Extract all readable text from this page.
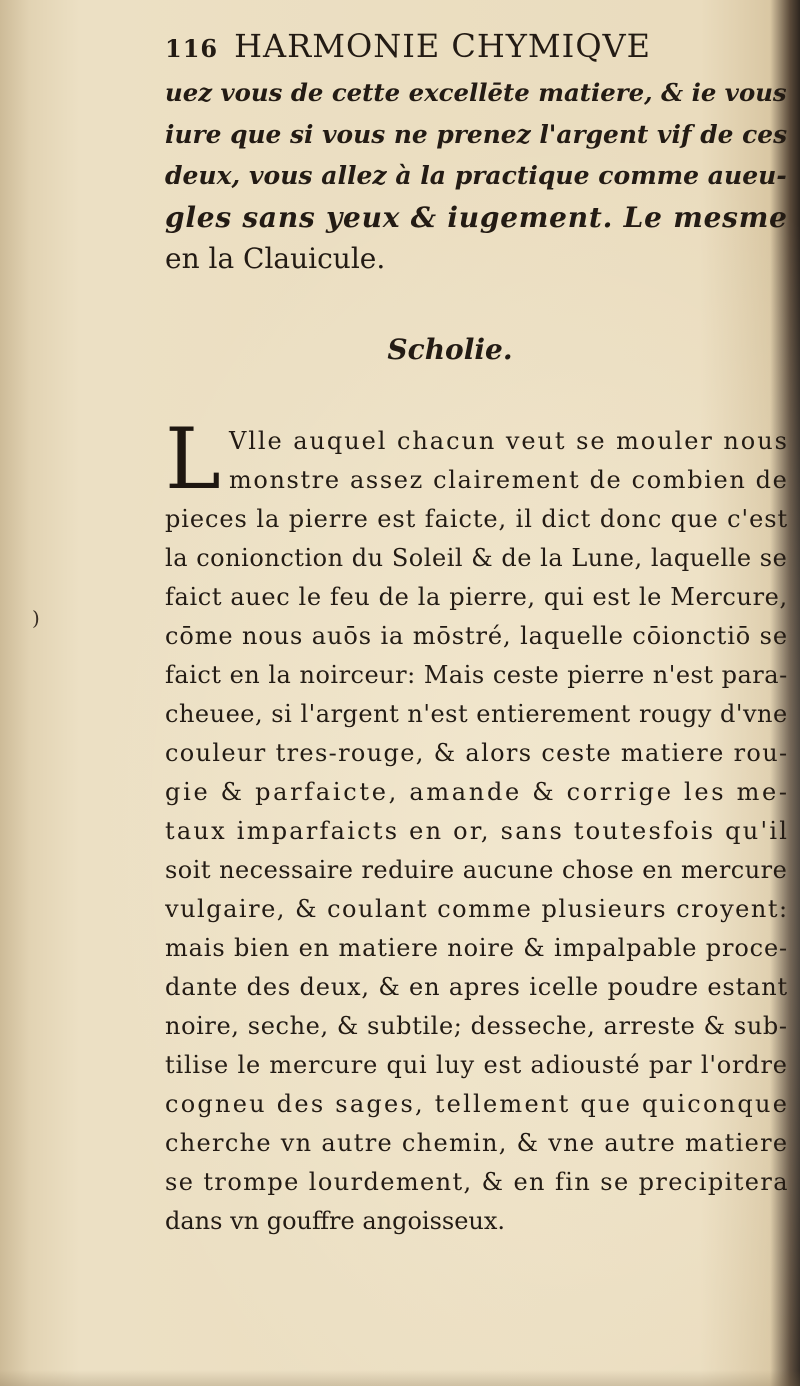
)
116 HARMONIE CHYMIQVE
uez vous de cette excellēte matiere, & ie vous
iure que si vous ne prenez l'argent vif de ces
deux, vous allez à la practique comme aueu-
gles sans yeux & iugement. Le mesme
en la Clauicule.
Scholie.
L Vlle auquel chacun veut se mouler nous
monstre assez clairement de combien de
pieces la pierre est faicte, il dict donc que c'est
la conionction du Soleil & de la Lune, laquelle se
faict auec le feu de la pierre, qui est le Mercure,
cōme nous auōs ia mōstré, laquelle cōionctiō se
faict en la noirceur: Mais ceste pierre n'est para-
cheuee, si l'argent n'est entierement rougy d'vne
couleur tres-rouge, & alors ceste matiere rou-
gie & parfaicte, amande & corrige les me-
taux imparfaicts en or, sans toutesfois qu'il
soit necessaire reduire aucune chose en mercure
vulgaire, & coulant comme plusieurs croyent:
mais bien en matiere noire & impalpable proce-
dante des deux, & en apres icelle poudre estant
noire, seche, & subtile; desseche, arreste & sub-
tilise le mercure qui luy est adiousté par l'ordre
cogneu des sages, tellement que quiconque
cherche vn autre chemin, & vne autre matiere
se trompe lourdement, & en fin se precipitera
dans vn gouffre angoisseux.
